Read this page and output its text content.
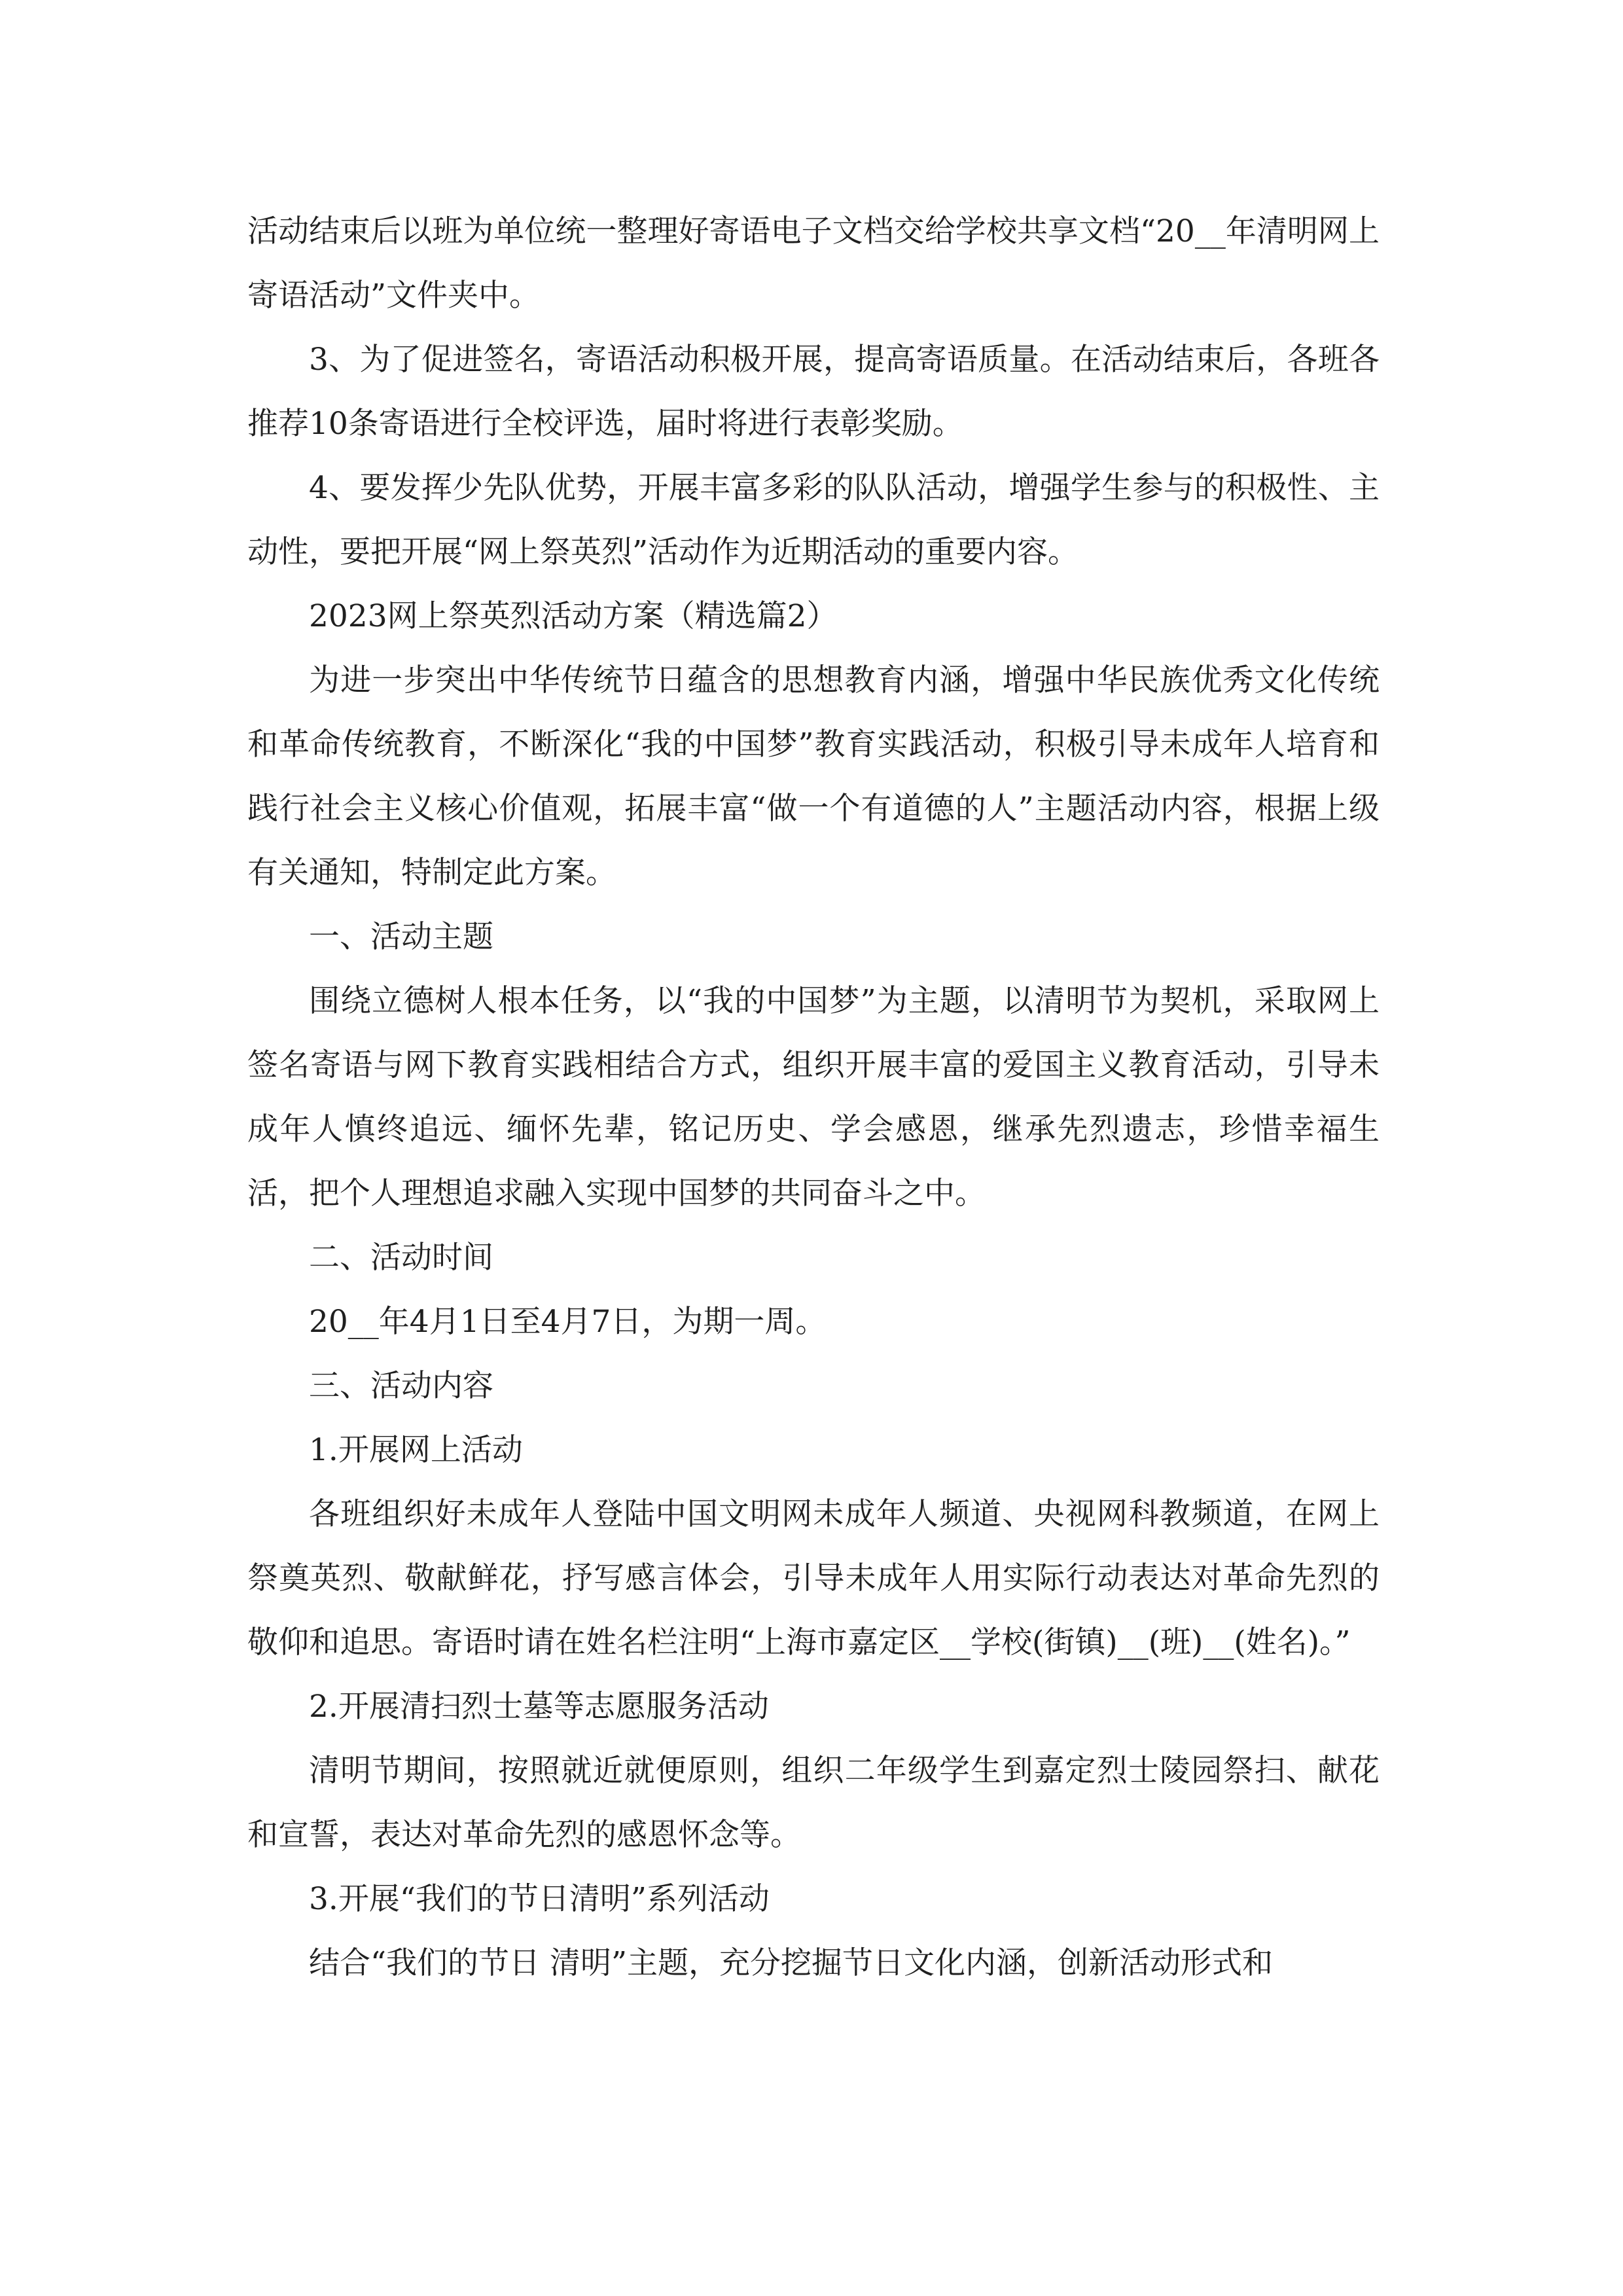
活动结束后以班为单位统一整理好寄语电子文档交给学校共享文档“20__年清明网上寄语活动”文件夹中。

3、为了促进签名，寄语活动积极开展，提高寄语质量。在活动结束后，各班各推荐10条寄语进行全校评选，届时将进行表彰奖励。

4、要发挥少先队优势，开展丰富多彩的队队活动，增强学生参与的积极性、主动性，要把开展“网上祭英烈”活动作为近期活动的重要内容。

2023网上祭英烈活动方案（精选篇2）

为进一步突出中华传统节日蕴含的思想教育内涵，增强中华民族优秀文化传统和革命传统教育，不断深化“我的中国梦”教育实践活动，积极引导未成年人培育和践行社会主义核心价值观，拓展丰富“做一个有道德的人”主题活动内容，根据上级有关通知，特制定此方案。

一、活动主题

围绕立德树人根本任务，以“我的中国梦”为主题，以清明节为契机，采取网上签名寄语与网下教育实践相结合方式，组织开展丰富的爱国主义教育活动，引导未成年人慎终追远、缅怀先辈，铭记历史、学会感恩，继承先烈遗志，珍惜幸福生活，把个人理想追求融入实现中国梦的共同奋斗之中。

二、活动时间

20__年4月1日至4月7日，为期一周。

三、活动内容

1.开展网上活动

各班组织好未成年人登陆中国文明网未成年人频道、央视网科教频道，在网上祭奠英烈、敬献鲜花，抒写感言体会，引导未成年人用实际行动表达对革命先烈的敬仰和追思。寄语时请在姓名栏注明“上海市嘉定区__学校(街镇)__(班)__(姓名)。”

2.开展清扫烈士墓等志愿服务活动

清明节期间，按照就近就便原则，组织二年级学生到嘉定烈士陵园祭扫、献花和宣誓，表达对革命先烈的感恩怀念等。

3.开展“我们的节日清明”系列活动

结合“我们的节日 清明”主题，充分挖掘节日文化内涵，创新活动形式和
